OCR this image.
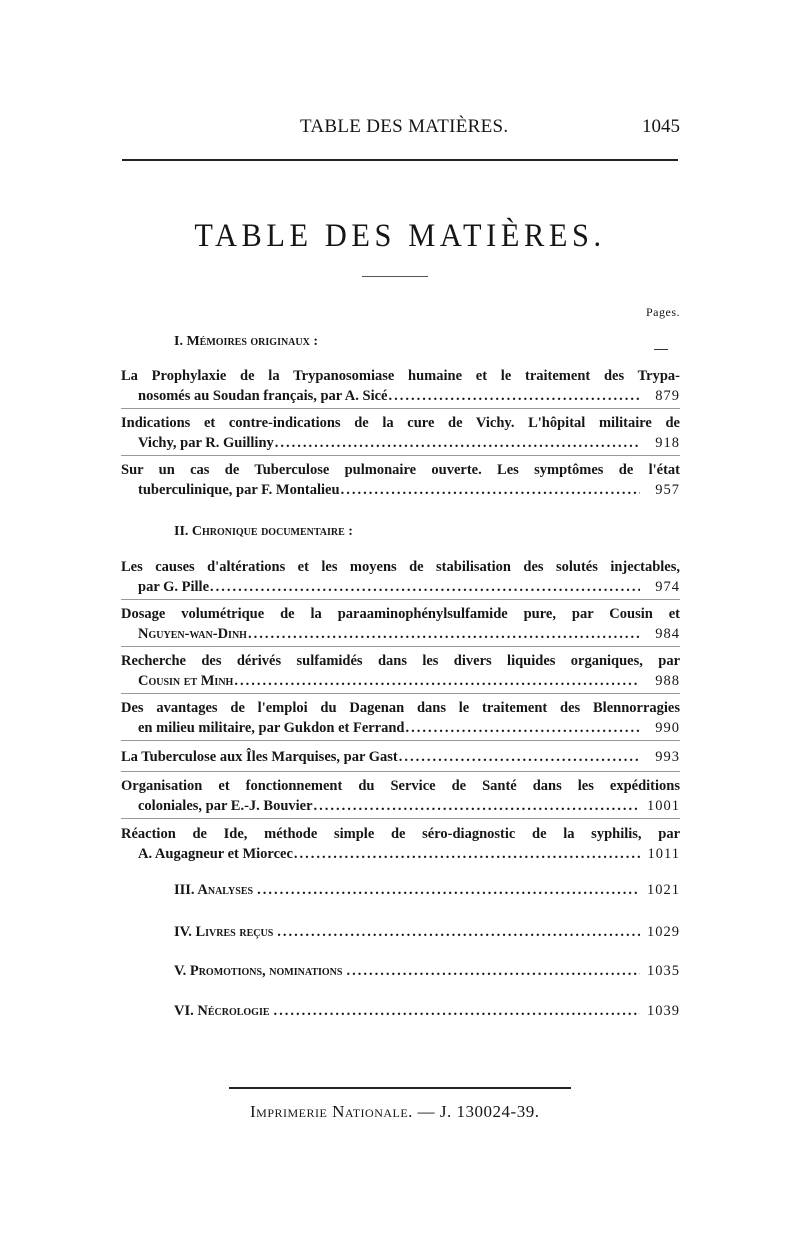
TABLE DES MATIÈRES.	1045
TABLE DES MATIÈRES.
Pages.
I. Mémoires originaux :
La Prophylaxie de la Trypanosomiase humaine et le traitement des Trypa-
nosomés au Soudan français, par A. Sicé .....	879
Indications et contre-indications de la cure de Vichy. L'hôpital militaire de
Vichy, par R. Guilliny .....	918
Sur un cas de Tuberculose pulmonaire ouverte. Les symptômes de l'état
tuberculinique, par F. Montalieu .....	957
II. Chronique documentaire :
Les causes d'altérations et les moyens de stabilisation des solutés injectables,
par G. Pille .....	974
Dosage volumétrique de la paraaminophénylsulfamide pure, par Cousin et
Nguyen-wan-Dinh .....	984
Recherche des dérivés sulfamidés dans les divers liquides organiques, par
Cousin et Minh .....	988
Des avantages de l'emploi du Dagenan dans le traitement des Blennorragies
en milieu militaire, par Gukdon et Ferrand .....	990
La Tuberculose aux Îles Marquises, par Gast .....	993
Organisation et fonctionnement du Service de Santé dans les expéditions
coloniales, par E.-J. Bouvier .....	1001
Réaction de Ide, méthode simple de séro-diagnostic de la syphilis, par
A. Augagneur et Miorcec .....	1011
III. Analyses .....	1021
IV. Livres reçus .....	1029
V. Promotions, nominations .....	1035
VI. Nécrologie .....	1039
Imprimerie Nationale. — J. 130024-39.
